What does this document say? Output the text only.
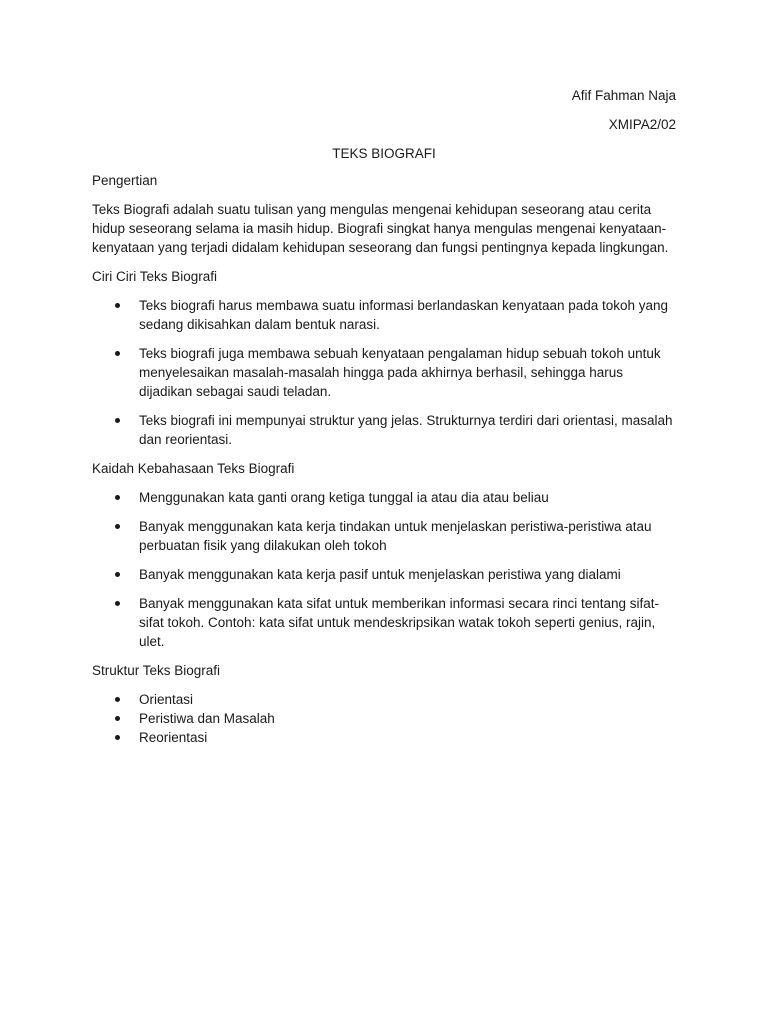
Afif Fahman Naja
XMIPA2/02
TEKS BIOGRAFI
Pengertian
Teks Biografi adalah suatu tulisan yang mengulas mengenai kehidupan seseorang atau cerita hidup seseorang selama ia masih hidup. Biografi singkat hanya mengulas mengenai kenyataan-kenyataan yang terjadi didalam kehidupan seseorang dan fungsi pentingnya kepada lingkungan.
Ciri Ciri Teks Biografi
Teks biografi harus membawa suatu informasi berlandaskan kenyataan pada tokoh yang sedang dikisahkan dalam bentuk narasi.
Teks biografi juga membawa sebuah kenyataan pengalaman hidup sebuah tokoh untuk menyelesaikan masalah-masalah hingga pada akhirnya berhasil, sehingga harus dijadikan sebagai saudi teladan.
Teks biografi ini mempunyai struktur yang jelas. Strukturnya terdiri dari orientasi, masalah dan reorientasi.
Kaidah Kebahasaan Teks Biografi
Menggunakan kata ganti orang ketiga tunggal ia atau dia atau beliau
Banyak menggunakan kata kerja tindakan untuk menjelaskan peristiwa-peristiwa atau perbuatan fisik yang dilakukan oleh tokoh
Banyak menggunakan kata kerja pasif untuk menjelaskan peristiwa yang dialami
Banyak menggunakan kata sifat untuk memberikan informasi secara rinci tentang sifat-sifat tokoh. Contoh: kata sifat untuk mendeskripsikan watak tokoh seperti genius, rajin, ulet.
Struktur Teks Biografi
Orientasi
Peristiwa dan Masalah
Reorientasi
